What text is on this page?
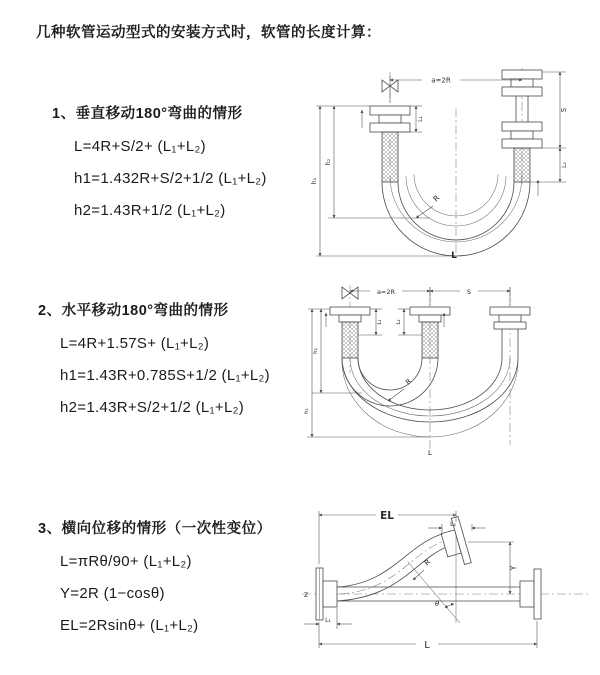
几种软管运动型式的安装方式时，软管的长度计算：
1、垂直移动180°弯曲的情形
L=4R+S/2+ (L₁+L₂)
h1=1.432R+S/2+1/2 (L₁+L₂)
h2=1.43R+1/2 (L₁+L₂)
2、水平移动180°弯曲的情形
L=4R+1.57S+ (L₁+L₂)
h1=1.43R+0.785S+1/2 (L₁+L₂)
h2=1.43R+S/2+1/2 (L₁+L₂)
3、横向位移的情形（一次性变位）
L=πRθ/90+ (L₁+L₂)
Y=2R (1−cosθ)
EL=2Rsinθ+ (L₁+L₂)
a=2R
L₁
S
L₂
h₂
h₁
R
L
a=2R	S
L₁ L₂
h₂
h₁
R
L
Z
EL
L₂
Y
R
θ
L
L₁
